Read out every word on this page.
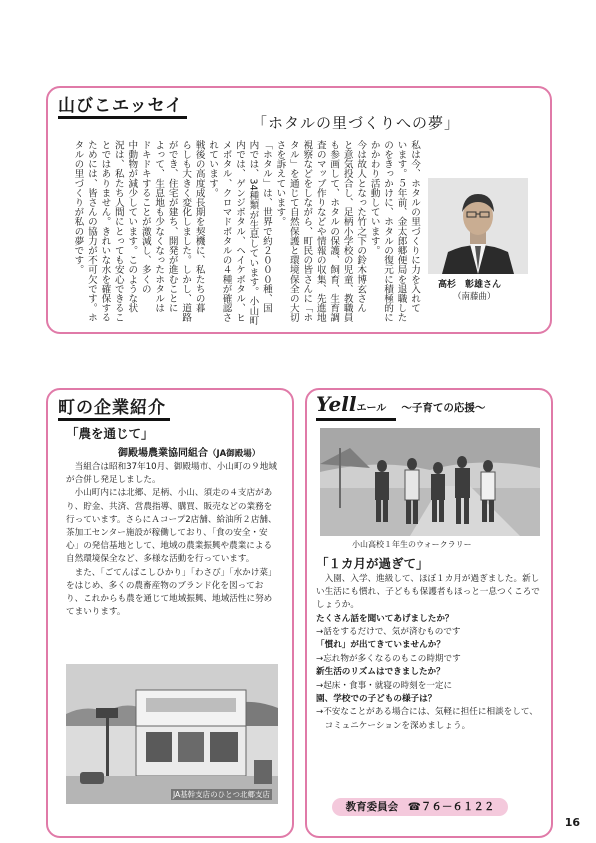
山びこエッセイ
「ホタルの里づくりへの夢」
私は今、ホタルの里づくりに力を入れて
います。５年前、金太郎郷便局を退職した
のをきっかけに、ホタルの復元に積極的に
かかわり活動しています。
今は故人となった竹之下の鈴木博玄さん
と意気投合し、足柄小学校の児童、教職員
も参画して、ホタルの保護、飼育、生育調
査のマップ作りなどや情報の収集、先進地
視察などをしながら、町民の皆さんに「ホ
タル」を通じて自然保護と環境保全の大切
さを訴えています。
「ホタル」は、世界で約２０００種、国
内では、34種類が生息しています。小山町
内では、ゲンジボタル、ヘイケボタル、ヒ
メボタル、クロマドボタルの４種が確認さ
れています。
戦後の高度成長期を契機に、私たちの暮
らしも大きく変化しました。しかし、道路
ができ、住宅が建ち、開発が進むことに
よって、生息地も少なくなったホタルは
ドキドキすることが激減し、多くの
中動物が減少しています。このような状
況は、私たち人間にとっても安心できるこ
とではありません。きれいな水を確保する
ためには、皆さんの協力が不可欠です。ホ
タルの里づくりが私の夢です。
高杉　彰雄さん
（南藤曲）
町の企業紹介
「農を通じて」
御殿場農業協同組合（JA御殿場）

当組合は昭和37年10月、御殿場市、小山町の９地域が合併し発足しました。

小山町内には北郷、足柄、小山、須走の４支店があり、貯金、共済、営農指導、購買、販売などの業務を行っています。さらにＡコープ2店舗、給油所２店舗、茶加工センター施設が稼働しており、「食の安全・安心」の発信基地として、地域の農業振興や農業による自然環境保全など、多様な活動を行っています。

また、「ごてんばこしひかり」「わさび」「水かけ菜」をはじめ、多くの農畜産物のブランド化を図っており、これからも農を通じて地域振興、地域活性に努めてまいります。

JA基幹支店のひとつ北郷支店
Yellエール ～子育ての応援～
小山高校１年生のウォークラリー
「１カ月が過ぎて」

入園、入学、進級して、ほぼ１カ月が過ぎました。新しい生活にも慣れ、子どもも保護者もほっと一息つくころでしょうか。

たくさん話を聞いてあげましたか？
→話をするだけで、気が済むものです
「慣れ」が出てきていませんか？
→忘れ物が多くなるのもこの時期です
新生活のリズムはできましたか？
→起床・食事・就寝の時刻を一定に
園、学校での子どもの様子は？
→不安なことがある場合には、気軽に担任に相談をして、コミュニケーションを深めましょう。
教育委員会 ☎７６－６１２２
16
